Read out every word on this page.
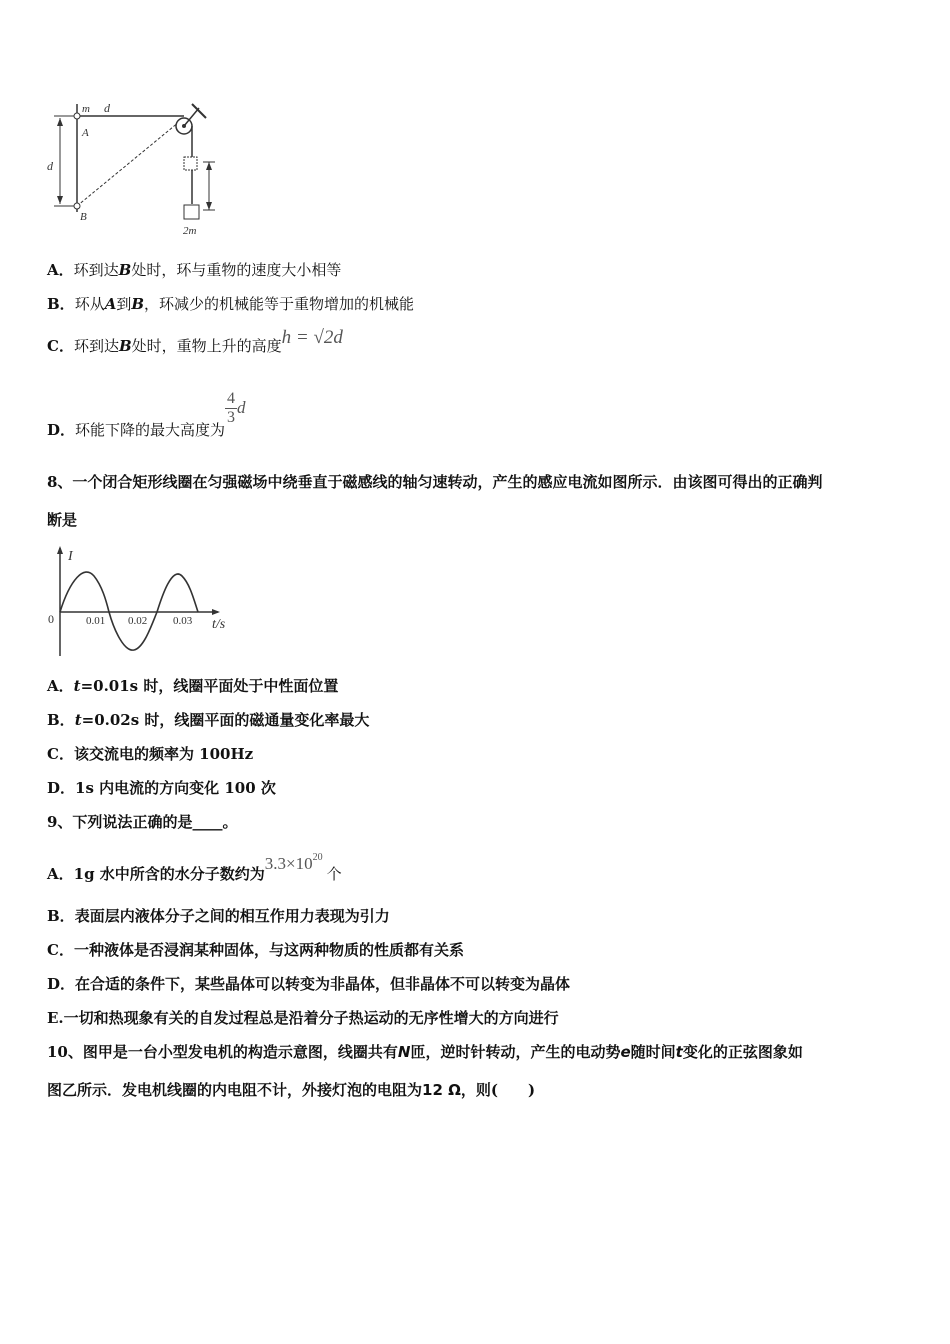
m d
A
d
B
2m
A．环到达B处时，环与重物的速度大小相等
B．环从A到B，环减少的机械能等于重物增加的机械能
C．环到达B处时，重物上升的高度h = √2d
D．环能下降的最大高度为$\frac{4}{3}$ d
8、一个闭合矩形线圈在匀强磁场中绕垂直于磁感线的轴匀速转动，产生的感应电流如图所示．由该图可得出的正确判
断是
I
0	0.01 0.02 0.03 t/s
A．t=0.01s 时，线圈平面处于中性面位置
B．t=0.02s 时，线圈平面的磁通量变化率最大
C．该交流电的频率为 100Hz
D．1s 内电流的方向变化 100 次
9、下列说法正确的是____。
A．1g 水中所含的水分子数约为$3.3\times 10^{20}$个
B．表面层内液体分子之间的相互作用力表现为引力
C．一种液体是否浸润某种固体，与这两种物质的性质都有关系
D．在合适的条件下，某些晶体可以转变为非晶体，但非晶体不可以转变为晶体
E.一切和热现象有关的自发过程总是沿着分子热运动的无序性增大的方向进行
10、图甲是一台小型发电机的构造示意图，线圈共有N匝，逆时针转动，产生的电动势e随时间t变化的正弦图象如
图乙所示．发电机线圈的内电阻不计，外接灯泡的电阻为12 Ω，则(　　)
